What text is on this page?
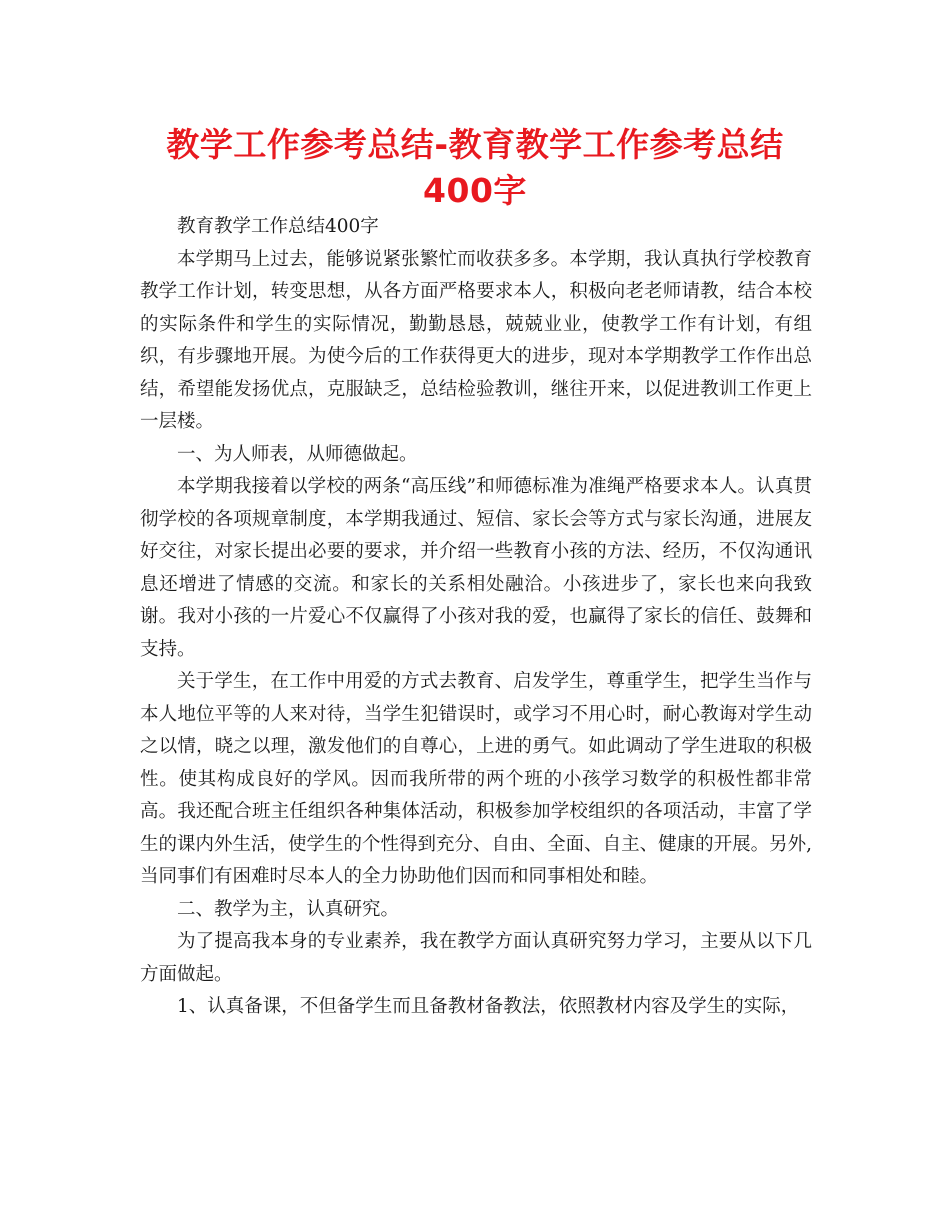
教学工作参考总结-教育教学工作参考总结400字

教育教学工作总结400字

本学期马上过去，能够说紧张繁忙而收获多多。本学期，我认真执行学校教育教学工作计划，转变思想，从各方面严格要求本人，积极向老老师请教，结合本校的实际条件和学生的实际情况，勤勤恳恳，兢兢业业，使教学工作有计划，有组织，有步骤地开展。为使今后的工作获得更大的进步，现对本学期教学工作作出总结，希望能发扬优点，克服缺乏，总结检验教训，继往开来，以促进教训工作更上一层楼。

一、为人师表，从师德做起。

本学期我接着以学校的两条“高压线”和师德标准为准绳严格要求本人。认真贯彻学校的各项规章制度，本学期我通过、短信、家长会等方式与家长沟通，进展友好交往，对家长提出必要的要求，并介绍一些教育小孩的方法、经历，不仅沟通讯息还增进了情感的交流。和家长的关系相处融洽。小孩进步了，家长也来向我致谢。我对小孩的一片爱心不仅赢得了小孩对我的爱，也赢得了家长的信任、鼓舞和支持。

关于学生，在工作中用爱的方式去教育、启发学生，尊重学生，把学生当作与本人地位平等的人来对待，当学生犯错误时，或学习不用心时，耐心教诲对学生动之以情，晓之以理，激发他们的自尊心，上进的勇气。如此调动了学生进取的积极性。使其构成良好的学风。因而我所带的两个班的小孩学习数学的积极性都非常高。我还配合班主任组织各种集体活动，积极参加学校组织的各项活动，丰富了学生的课内外生活，使学生的个性得到充分、自由、全面、自主、健康的开展。另外,当同事们有困难时尽本人的全力协助他们因而和同事相处和睦。

二、教学为主，认真研究。

为了提高我本身的专业素养，我在教学方面认真研究努力学习，主要从以下几方面做起。

1、认真备课，不但备学生而且备教材备教法，依照教材内容及学生的实际，
